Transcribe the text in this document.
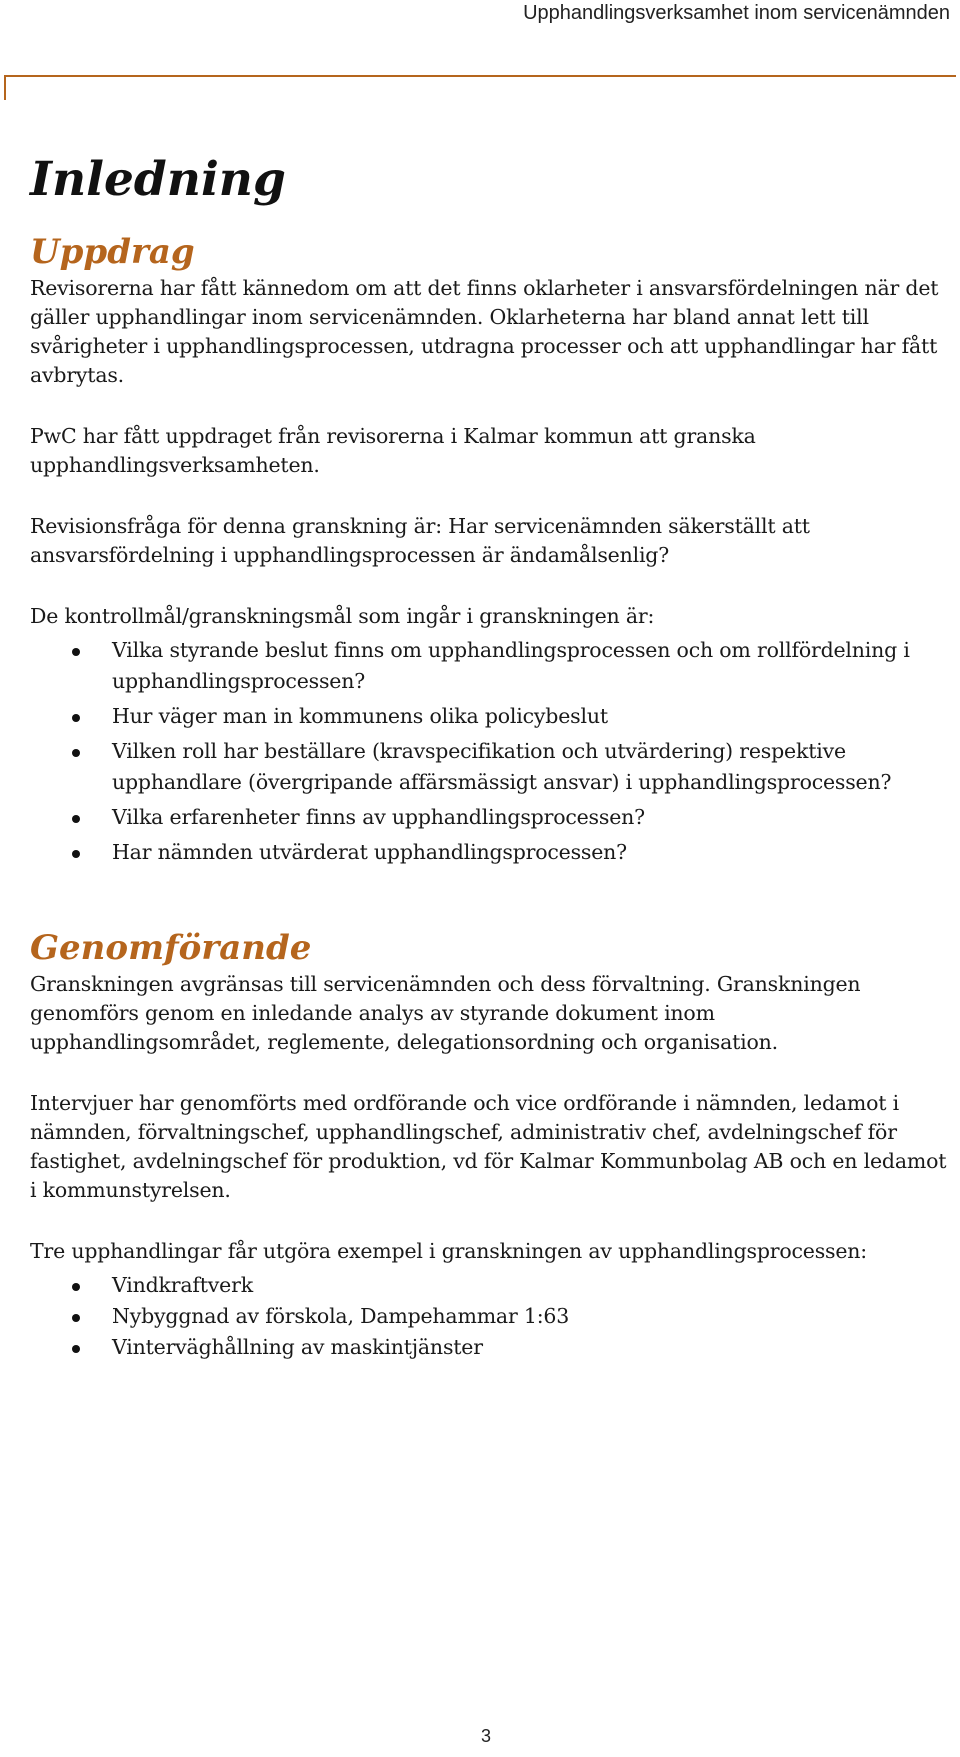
Upphandlingsverksamhet inom servicenämnden
Inledning
Uppdrag

Revisorerna har fått kännedom om att det finns oklarheter i ansvarsfördelningen när det gäller upphandlingar inom servicenämnden. Oklarheterna har bland annat lett till svårigheter i upphandlingsprocessen, utdragna processer och att upphandlingar har fått avbrytas.

PwC har fått uppdraget från revisorerna i Kalmar kommun att granska upphandlingsverksamheten.

Revisionsfråga för denna granskning är: Har servicenämnden säkerställt att ansvarsfördelning i upphandlingsprocessen är ändamålsenlig?

De kontrollmål/granskningsmål som ingår i granskningen är:

Vilka styrande beslut finns om upphandlingsprocessen och om rollfördelning i upphandlingsprocessen?
Hur väger man in kommunens olika policybeslut
Vilken roll har beställare (kravspecifikation och utvärdering) respektive upphandlare (övergripande affärsmässigt ansvar) i upphandlingsprocessen?
Vilka erfarenheter finns av upphandlingsprocessen?
Har nämnden utvärderat upphandlingsprocessen?
Genomförande

Granskningen avgränsas till servicenämnden och dess förvaltning. Granskningen genomförs genom en inledande analys av styrande dokument inom upphandlingsområdet, reglemente, delegationsordning och organisation.

Intervjuer har genomförts med ordförande och vice ordförande i nämnden, ledamot i nämnden, förvaltningschef, upphandlingschef, administrativ chef, avdelningschef för fastighet, avdelningschef för produktion, vd för Kalmar Kommunbolag AB och en ledamot i kommunstyrelsen.

Tre upphandlingar får utgöra exempel i granskningen av upphandlingsprocessen:

Vindkraftverk
Nybyggnad av förskola, Dampehammar 1:63
Vinterväghållning av maskintjänster
3
